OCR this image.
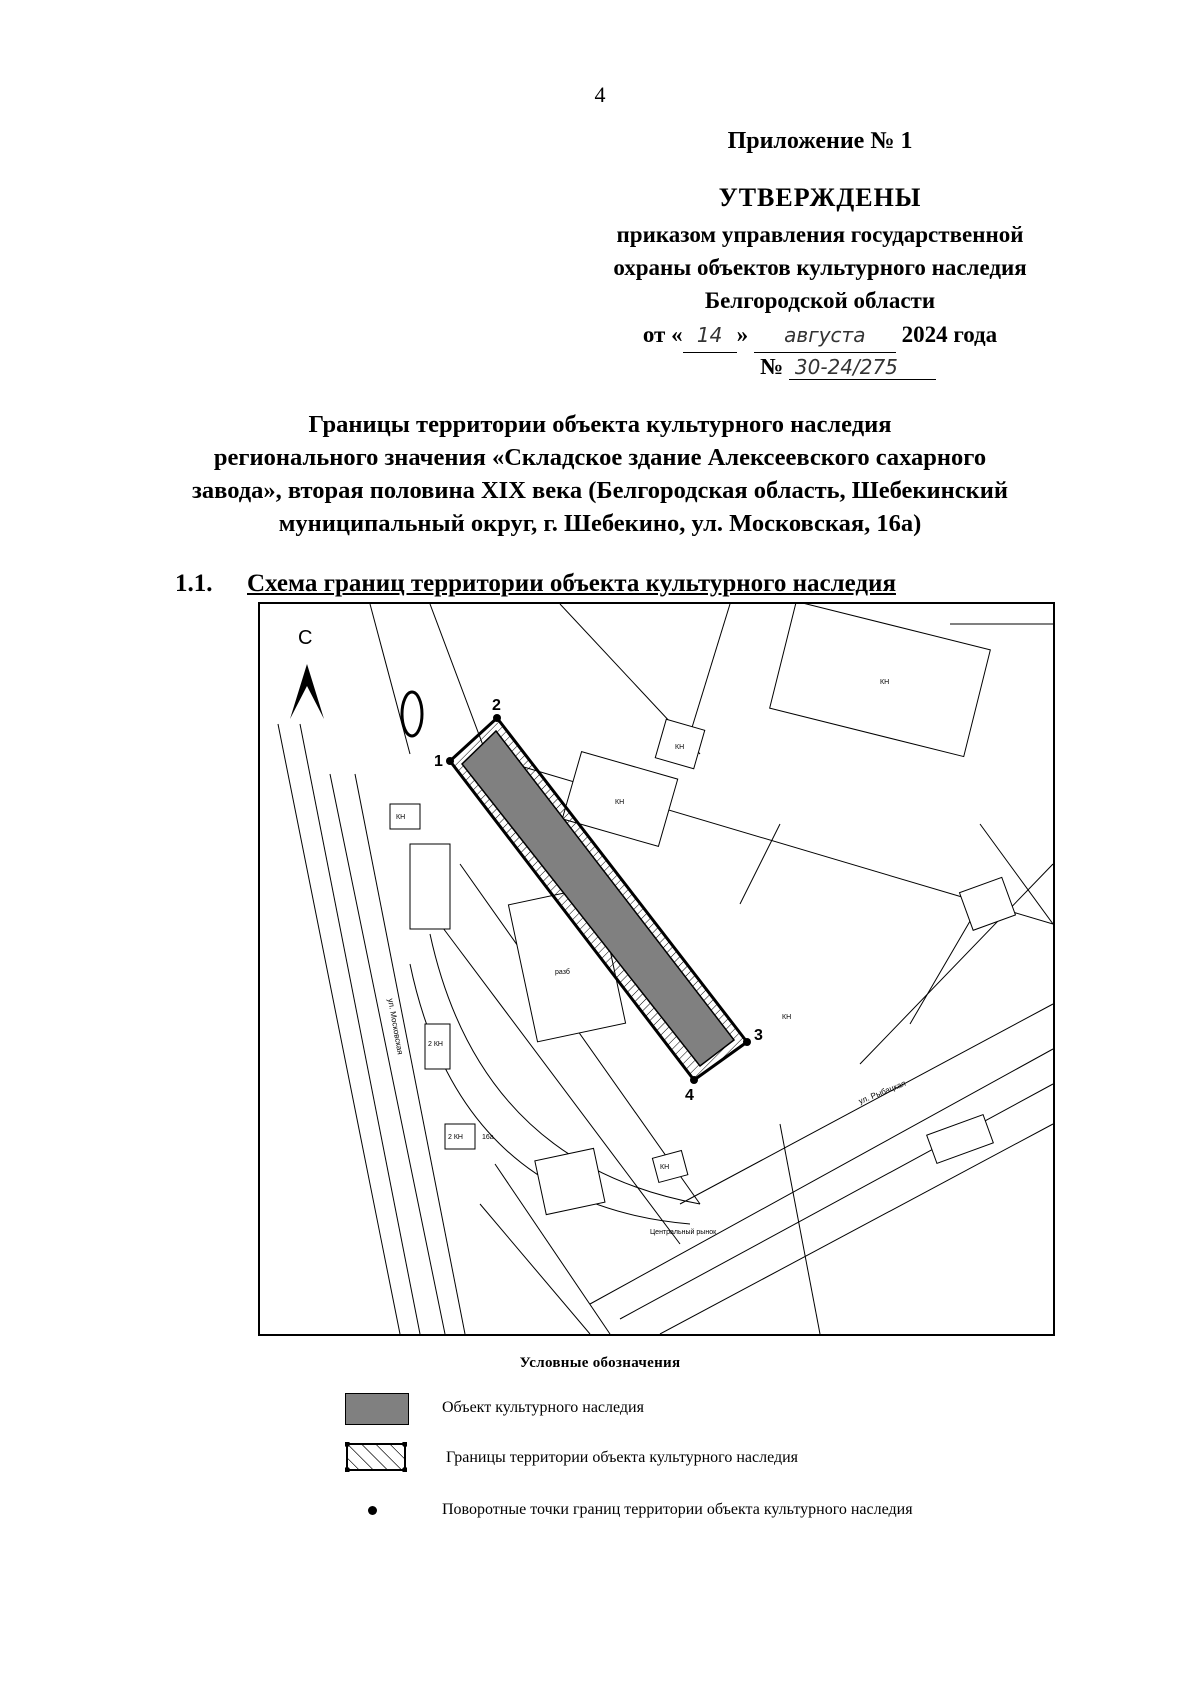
4
Приложение № 1
УТВЕРЖДЕНЫ
приказом управления государственной
охраны объектов культурного наследия
Белгородской области
от « 14 » августа 2024 года
№ 30-24/275
Границы территории объекта культурного наследия
регионального значения «Складское здание Алексеевского сахарного
завода», вторая половина XIX века (Белгородская область, Шебекинский
муниципальный округ, г. Шебекино, ул. Московская, 16а)
1.1. Схема границ территории объекта культурного наследия
1
2
3
4
С
ул. Московская
ул. Рыбацкая
КН
КН
КН
КН
КН
КН
2 КН
2 КН
разб
16а
Центральный рынок
Условные обозначения
Объект культурного наследия
Границы территории объекта культурного наследия
Поворотные точки границ территории объекта культурного наследия
